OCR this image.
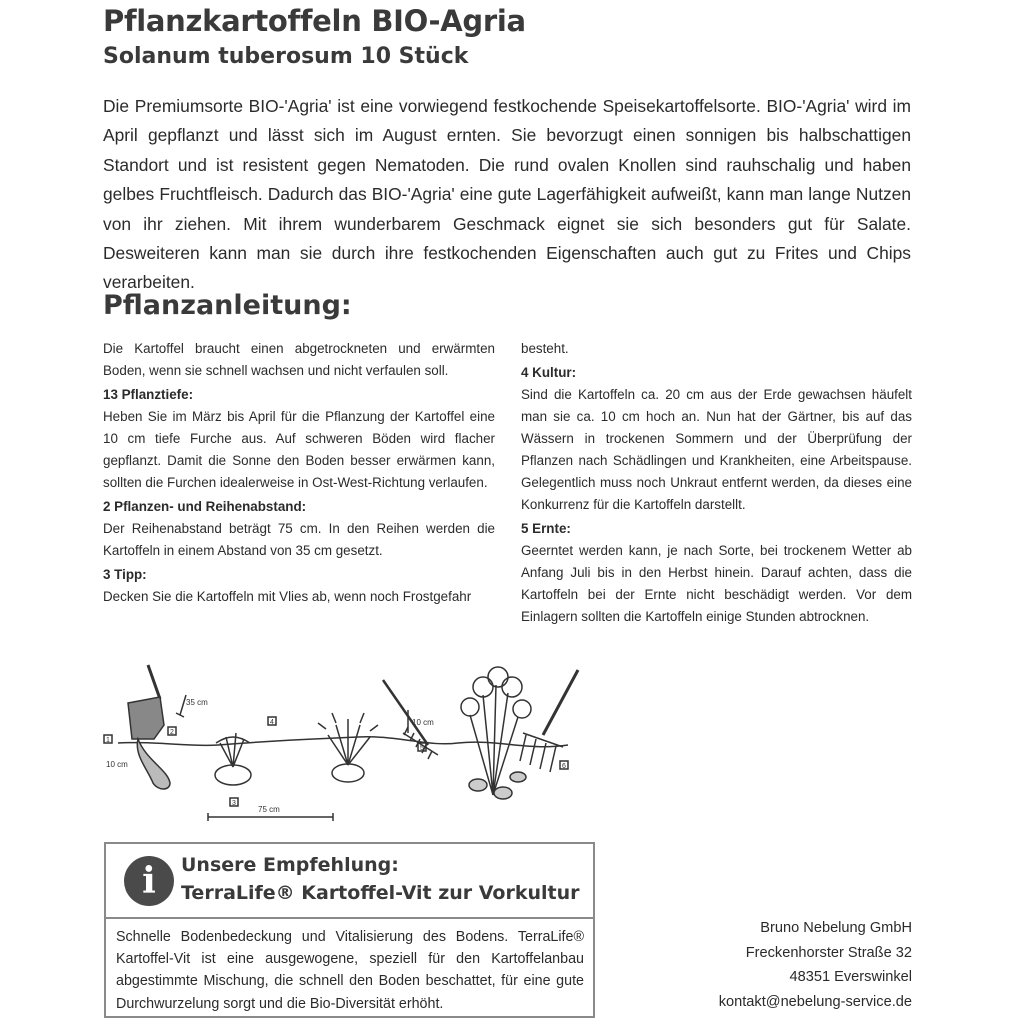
Pflanzkartoffeln BIO-Agria
Solanum tuberosum 10 Stück
Die Premiumsorte BIO-'Agria' ist eine vorwiegend festkochende Speisekartoffelsorte. BIO-'Agria' wird im April gepflanzt und lässt sich im August ernten. Sie bevorzugt einen sonnigen bis halbschattigen Standort und ist resistent gegen Nematoden. Die rund ovalen Knollen sind rauhschalig und haben gelbes Fruchtfleisch. Dadurch das BIO-'Agria' eine gute Lagerfähigkeit aufweißt, kann man lange Nutzen von ihr ziehen. Mit ihrem wunderbarem Geschmack eignet sie sich besonders gut für Salate. Desweiteren kann man sie durch ihre festkochenden Eigenschaften auch gut zu Frites und Chips verarbeiten.
Pflanzanleitung:

Die Kartoffel braucht einen abgetrockneten und erwärmten Boden, wenn sie schnell wachsen und nicht verfaulen soll.

13 Pflanztiefe:

Heben Sie im März bis April für die Pflanzung der Kartoffel eine 10 cm tiefe Furche aus. Auf schweren Böden wird flacher gepflanzt. Damit die Sonne den Boden besser erwärmen kann, sollten die Furchen idealerweise in Ost-West-Richtung verlaufen.

2 Pflanzen- und Reihenabstand:

Der Reihenabstand beträgt 75 cm. In den Reihen werden die Kartoffeln in einem Abstand von 35 cm gesetzt.

3 Tipp:

Decken Sie die Kartoffeln mit Vlies ab, wenn noch Frostgefahr

besteht.

4 Kultur:

Sind die Kartoffeln ca. 20 cm aus der Erde gewachsen häufelt man sie ca. 10 cm hoch an. Nun hat der Gärtner, bis auf das Wässern in trockenen Sommern und der Überprüfung der Pflanzen nach Schädlingen und Krankheiten, eine Arbeitspause. Gelegentlich muss noch Unkraut entfernt werden, da dieses eine Konkurrenz für die Kartoffeln darstellt.

5 Ernte:

Geerntet werden kann, je nach Sorte, bei trockenem Wetter ab Anfang Juli bis in den Herbst hinein. Darauf achten, dass die Kartoffeln bei der Ernte nicht beschädigt werden. Vor dem Einlagern sollten die Kartoffeln einige Stunden abtrocknen.

35 cm
10 cm
10 cm
75 cm
1
2
3
4
5
6
i	Unsere Empfehlung:
TerraLife® Kartoffel-Vit zur Vorkultur
Schnelle Bodenbedeckung und Vitalisierung des Bodens. TerraLife® Kartoffel-Vit ist eine ausgewogene, speziell für den Kartoffelanbau abgestimmte Mischung, die schnell den Boden beschattet, für eine gute Durchwurzelung sorgt und die Bio-Diversität erhöht.
Bruno Nebelung GmbH
Freckenhorster Straße 32
48351 Everswinkel
kontakt@nebelung-service.de
